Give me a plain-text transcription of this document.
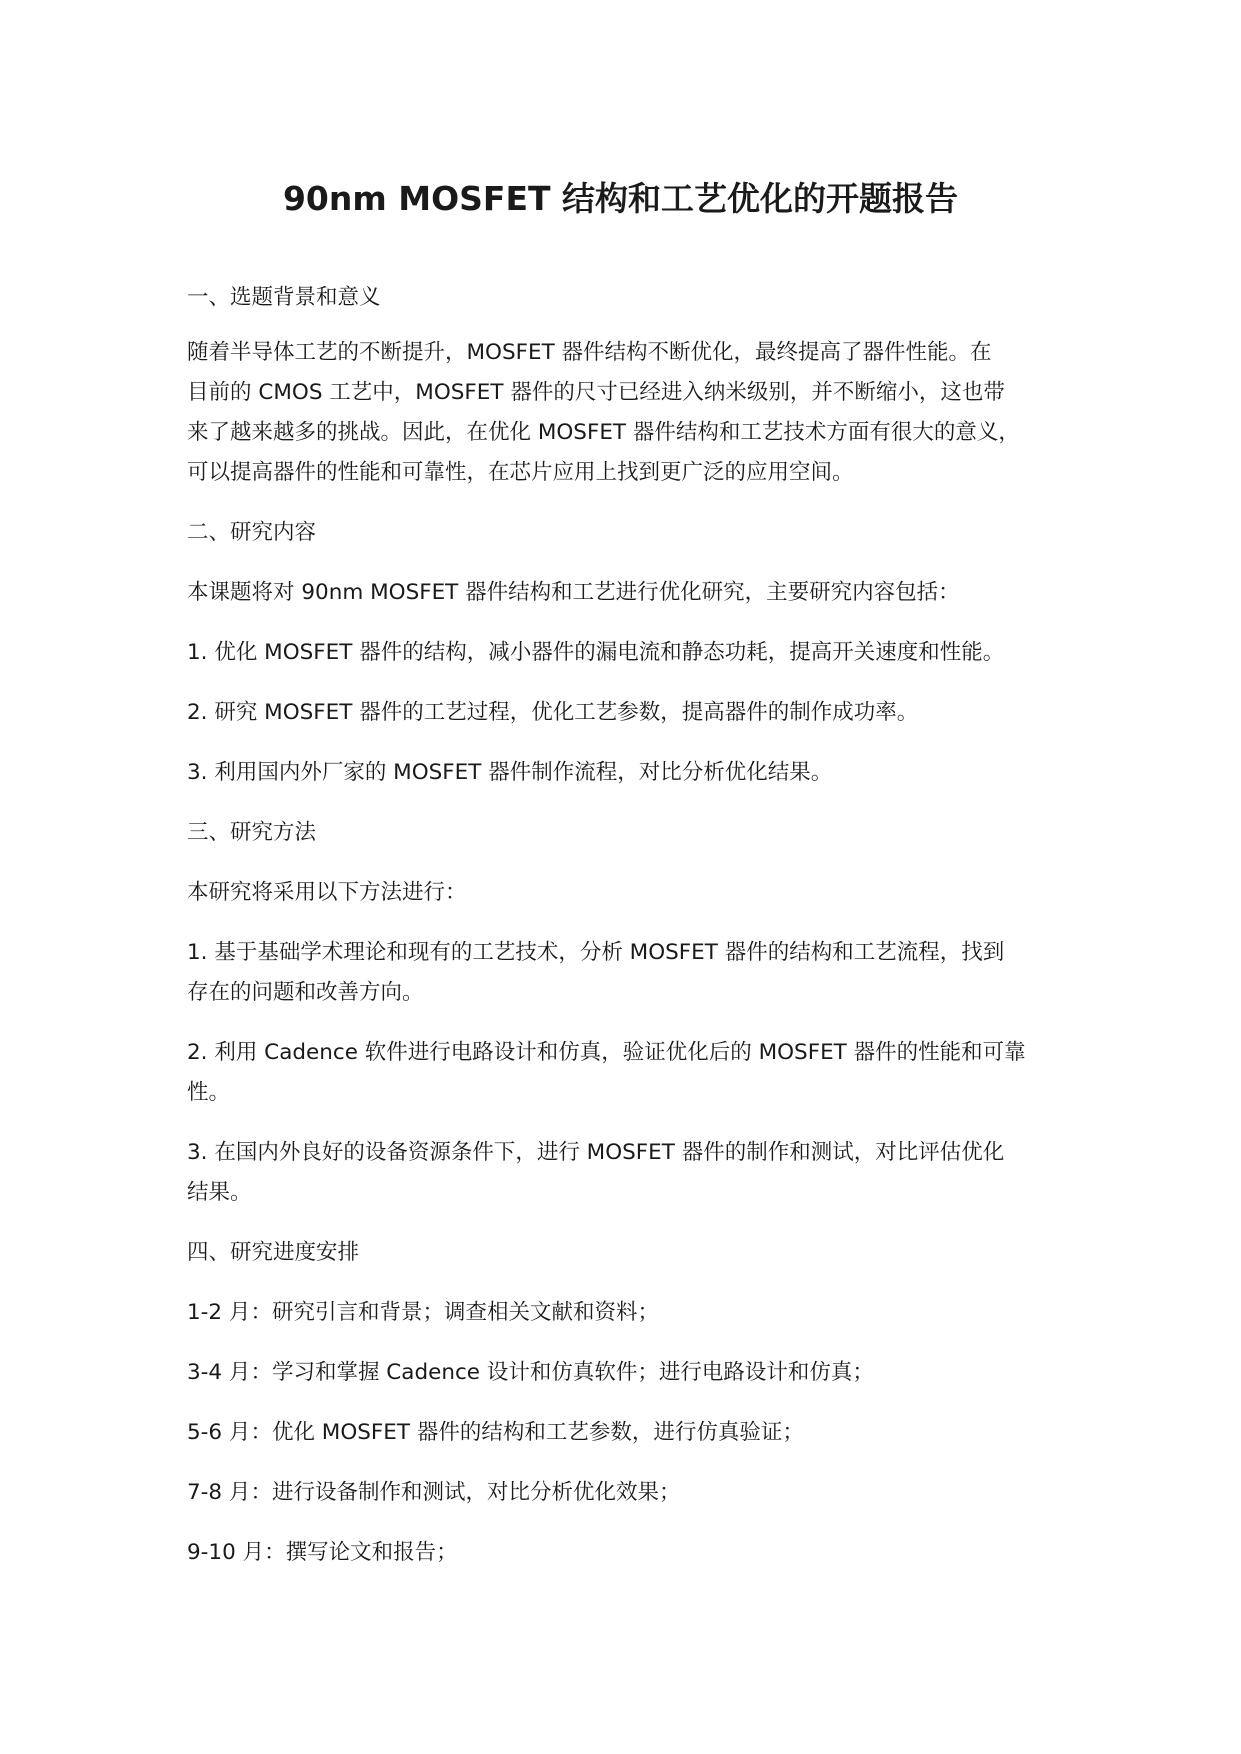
90nm MOSFET 结构和工艺优化的开题报告
一、选题背景和意义
随着半导体工艺的不断提升，MOSFET 器件结构不断优化，最终提高了器件性能。在
目前的 CMOS 工艺中，MOSFET 器件的尺寸已经进入纳米级别，并不断缩小，这也带
来了越来越多的挑战。因此，在优化 MOSFET 器件结构和工艺技术方面有很大的意义，
可以提高器件的性能和可靠性，在芯片应用上找到更广泛的应用空间。
二、研究内容
本课题将对 90nm MOSFET 器件结构和工艺进行优化研究，主要研究内容包括：
1. 优化 MOSFET 器件的结构，减小器件的漏电流和静态功耗，提高开关速度和性能。
2. 研究 MOSFET 器件的工艺过程，优化工艺参数，提高器件的制作成功率。
3. 利用国内外厂家的 MOSFET 器件制作流程，对比分析优化结果。
三、研究方法
本研究将采用以下方法进行：
1. 基于基础学术理论和现有的工艺技术，分析 MOSFET 器件的结构和工艺流程，找到
存在的问题和改善方向。
2. 利用 Cadence 软件进行电路设计和仿真，验证优化后的 MOSFET 器件的性能和可靠
性。
3. 在国内外良好的设备资源条件下，进行 MOSFET 器件的制作和测试，对比评估优化
结果。
四、研究进度安排
1-2 月：研究引言和背景；调查相关文献和资料；
3-4 月：学习和掌握 Cadence 设计和仿真软件；进行电路设计和仿真；
5-6 月：优化 MOSFET 器件的结构和工艺参数，进行仿真验证；
7-8 月：进行设备制作和测试，对比分析优化效果；
9-10 月：撰写论文和报告；
